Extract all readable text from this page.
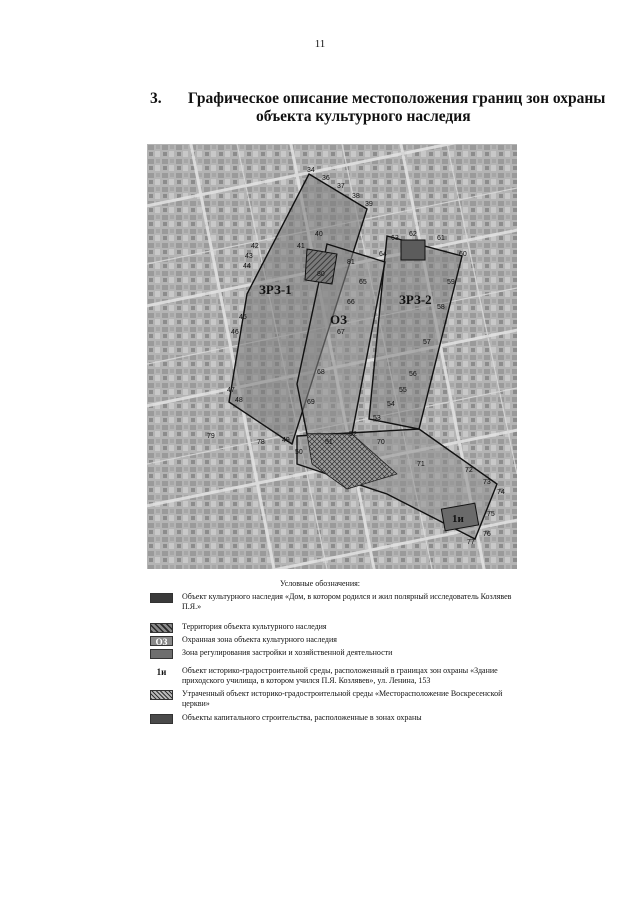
11
3. Графическое описание местоположения границ зон охраны
объекта культурного наследия
ЗРЗ-1
ЗРЗ-2
ОЗ
1и
34
36
37
38
39
40
41
42
43
44
45
46
47
48
49
50
51
52
53
54
55
56
57
58
59
60
61
62
63
64
65
66
67
68
69
70
71
72
73
74
75
76
77
78
79
80
81
Условные обозначения:
Объект культурного наследия «Дом, в котором родился и жил полярный исследователь Козлявев П.Я.»
Территория объекта культурного наследия
ОЗ	Охранная зона объекта культурного наследия
Зона регулирования застройки и хозяйственной деятельности
1и	Объект историко-градостроительной среды, расположенный в границах зон охраны «Здание приходского училища, в котором учился П.Я. Козлявев», ул. Ленина, 153
Утраченный объект историко-градостроительной среды «Месторасположение Воскресенской церкви»
Объекты капитального строительства, расположенные в зонах охраны
